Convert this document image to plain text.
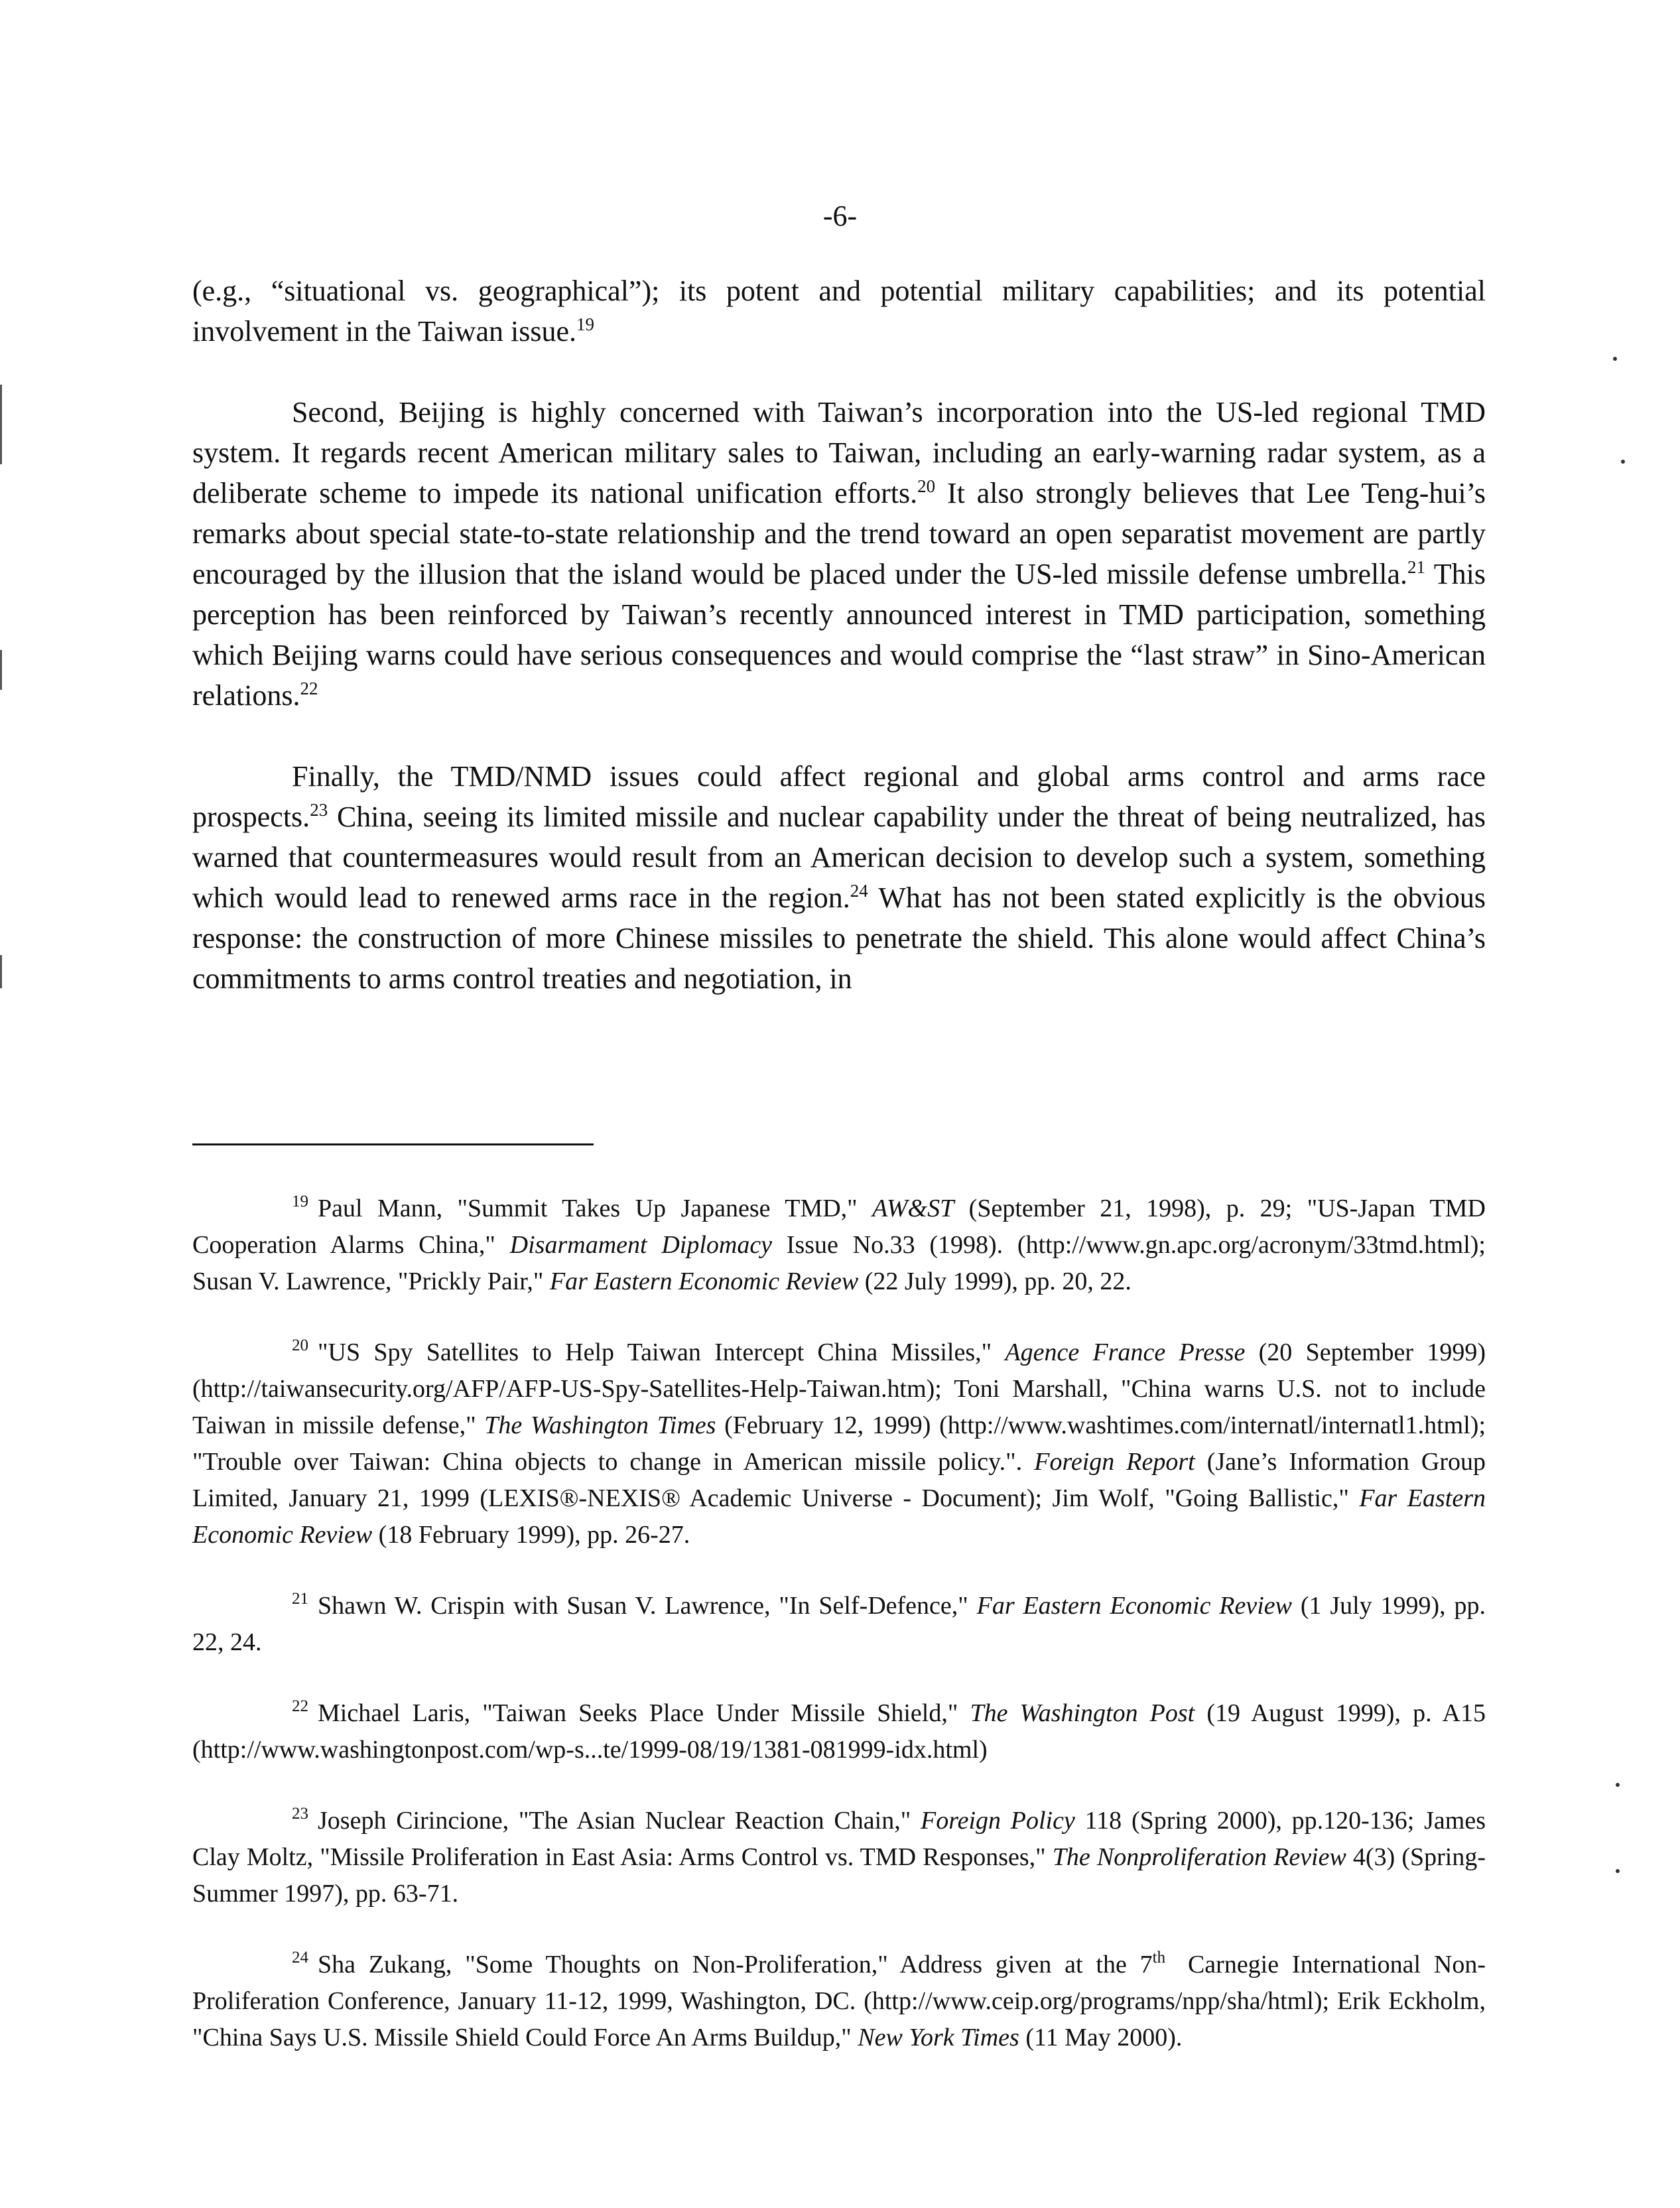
-6-

(e.g., “situational vs. geographical”); its potent and potential military capabilities; and its potential involvement in the Taiwan issue.$^{19}$

Second, Beijing is highly concerned with Taiwan’s incorporation into the US-led regional TMD system. It regards recent American military sales to Taiwan, including an early-warning radar system, as a deliberate scheme to impede its national unification efforts.$^{20}$ It also strongly believes that Lee Teng-hui’s remarks about special state-to-state relationship and the trend toward an open separatist movement are partly encouraged by the illusion that the island would be placed under the US-led missile defense umbrella.$^{21}$ This perception has been reinforced by Taiwan’s recently announced interest in TMD participation, something which Beijing warns could have serious consequences and would comprise the “last straw” in Sino-American relations.$^{22}$

Finally, the TMD/NMD issues could affect regional and global arms control and arms race prospects.$^{23}$ China, seeing its limited missile and nuclear capability under the threat of being neutralized, has warned that countermeasures would result from an American decision to develop such a system, something which would lead to renewed arms race in the region.$^{24}$ What has not been stated explicitly is the obvious response: the construction of more Chinese missiles to penetrate the shield. This alone would affect China’s commitments to arms control treaties and negotiation, in

$^{19}$ Paul Mann, "Summit Takes Up Japanese TMD," AW&ST (September 21, 1998), p. 29; "US-Japan TMD Cooperation Alarms China," Disarmament Diplomacy Issue No.33 (1998). (http://www.gn.apc.org/acronym/33tmd.html); Susan V. Lawrence, "Prickly Pair," Far Eastern Economic Review (22 July 1999), pp. 20, 22.

$^{20}$ "US Spy Satellites to Help Taiwan Intercept China Missiles," Agence France Presse (20 September 1999) (http://taiwansecurity.org/AFP/AFP-US-Spy-Satellites-Help-Taiwan.htm); Toni Marshall, "China warns U.S. not to include Taiwan in missile defense," The Washington Times (February 12, 1999) (http://www.washtimes.com/internatl/internatl1.html); "Trouble over Taiwan: China objects to change in American missile policy.". Foreign Report (Jane’s Information Group Limited, January 21, 1999 (LEXIS®-NEXIS® Academic Universe - Document); Jim Wolf, "Going Ballistic," Far Eastern Economic Review (18 February 1999), pp. 26-27.

$^{21}$ Shawn W. Crispin with Susan V. Lawrence, "In Self-Defence," Far Eastern Economic Review (1 July 1999), pp. 22, 24.

$^{22}$ Michael Laris, "Taiwan Seeks Place Under Missile Shield," The Washington Post (19 August 1999), p. A15 (http://www.washingtonpost.com/wp-s...te/1999-08/19/1381-081999-idx.html)

$^{23}$ Joseph Cirincione, "The Asian Nuclear Reaction Chain," Foreign Policy 118 (Spring 2000), pp.120-136; James Clay Moltz, "Missile Proliferation in East Asia: Arms Control vs. TMD Responses," The Nonproliferation Review 4(3) (Spring-Summer 1997), pp. 63-71.

$^{24}$ Sha Zukang, "Some Thoughts on Non-Proliferation," Address given at the 7th Carnegie International Non-Proliferation Conference, January 11-12, 1999, Washington, DC. (http://www.ceip.org/programs/npp/sha/html); Erik Eckholm, "China Says U.S. Missile Shield Could Force An Arms Buildup," New York Times (11 May 2000).
